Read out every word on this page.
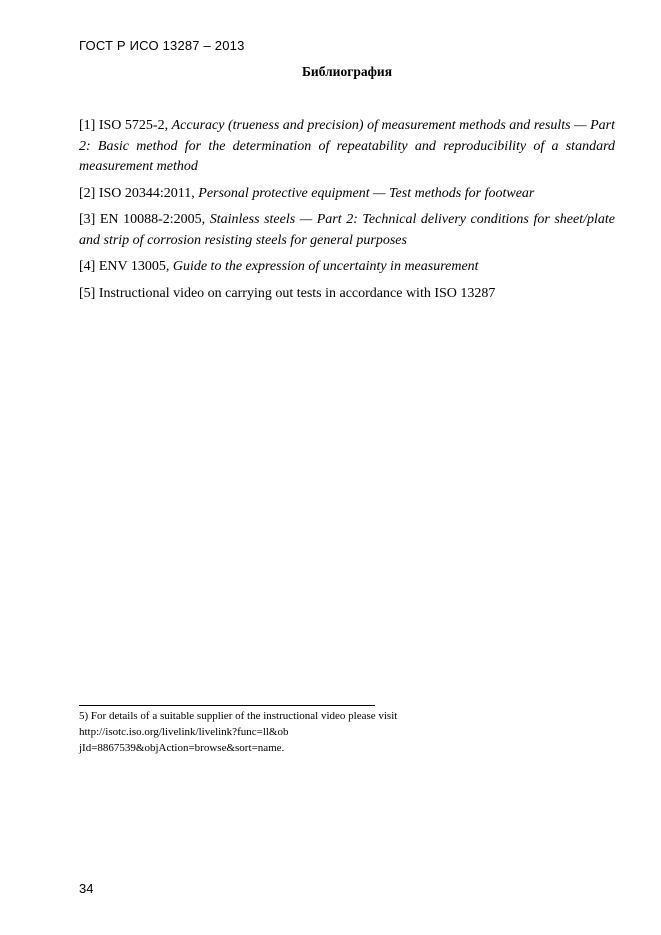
ГОСТ Р ИСО 13287 – 2013
Библиография
[1] ISO 5725-2, Accuracy (trueness and precision) of measurement methods and results — Part 2: Basic method for the determination of repeatability and reproducibility of a standard measurement method
[2] ISO 20344:2011, Personal protective equipment — Test methods for footwear
[3] EN 10088-2:2005, Stainless steels — Part 2: Technical delivery conditions for sheet/plate and strip of corrosion resisting steels for general purposes
[4] ENV 13005, Guide to the expression of uncertainty in measurement
[5] Instructional video on carrying out tests in accordance with ISO 13287
5) For details of a suitable supplier of the instructional video please visit
http://isotc.iso.org/livelink/livelink?func=ll&ob
jId=8867539&objAction=browse&sort=name.
34
